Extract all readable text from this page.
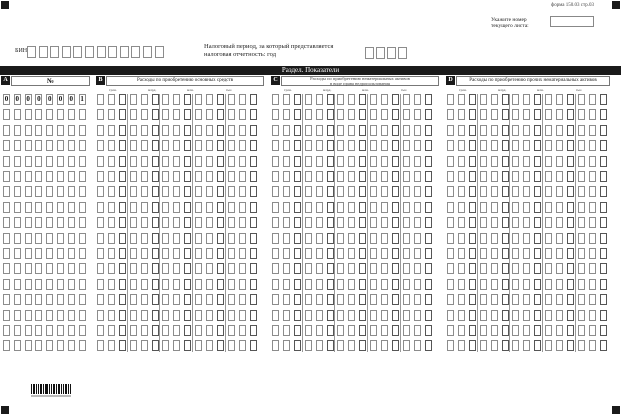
форма 150.03 стр.03
Укажите номер
текущего листа:
БИН
Налоговый период, за который представляется
налоговая отчетность: год
Раздел. Показатели
A	№	B	Расходы по приобретению основных средств	C	Расходы по приобретению нематериальных активов
в виде права недропользования	D	Расходы по приобретению прочих нематериальных активов
трлн.	млрд.	млн.	тыс.	трлн.	млрд.	млн.	тыс.	трлн.	млрд.	млн.	тыс.
0 0 0 0 0 0 0 1
